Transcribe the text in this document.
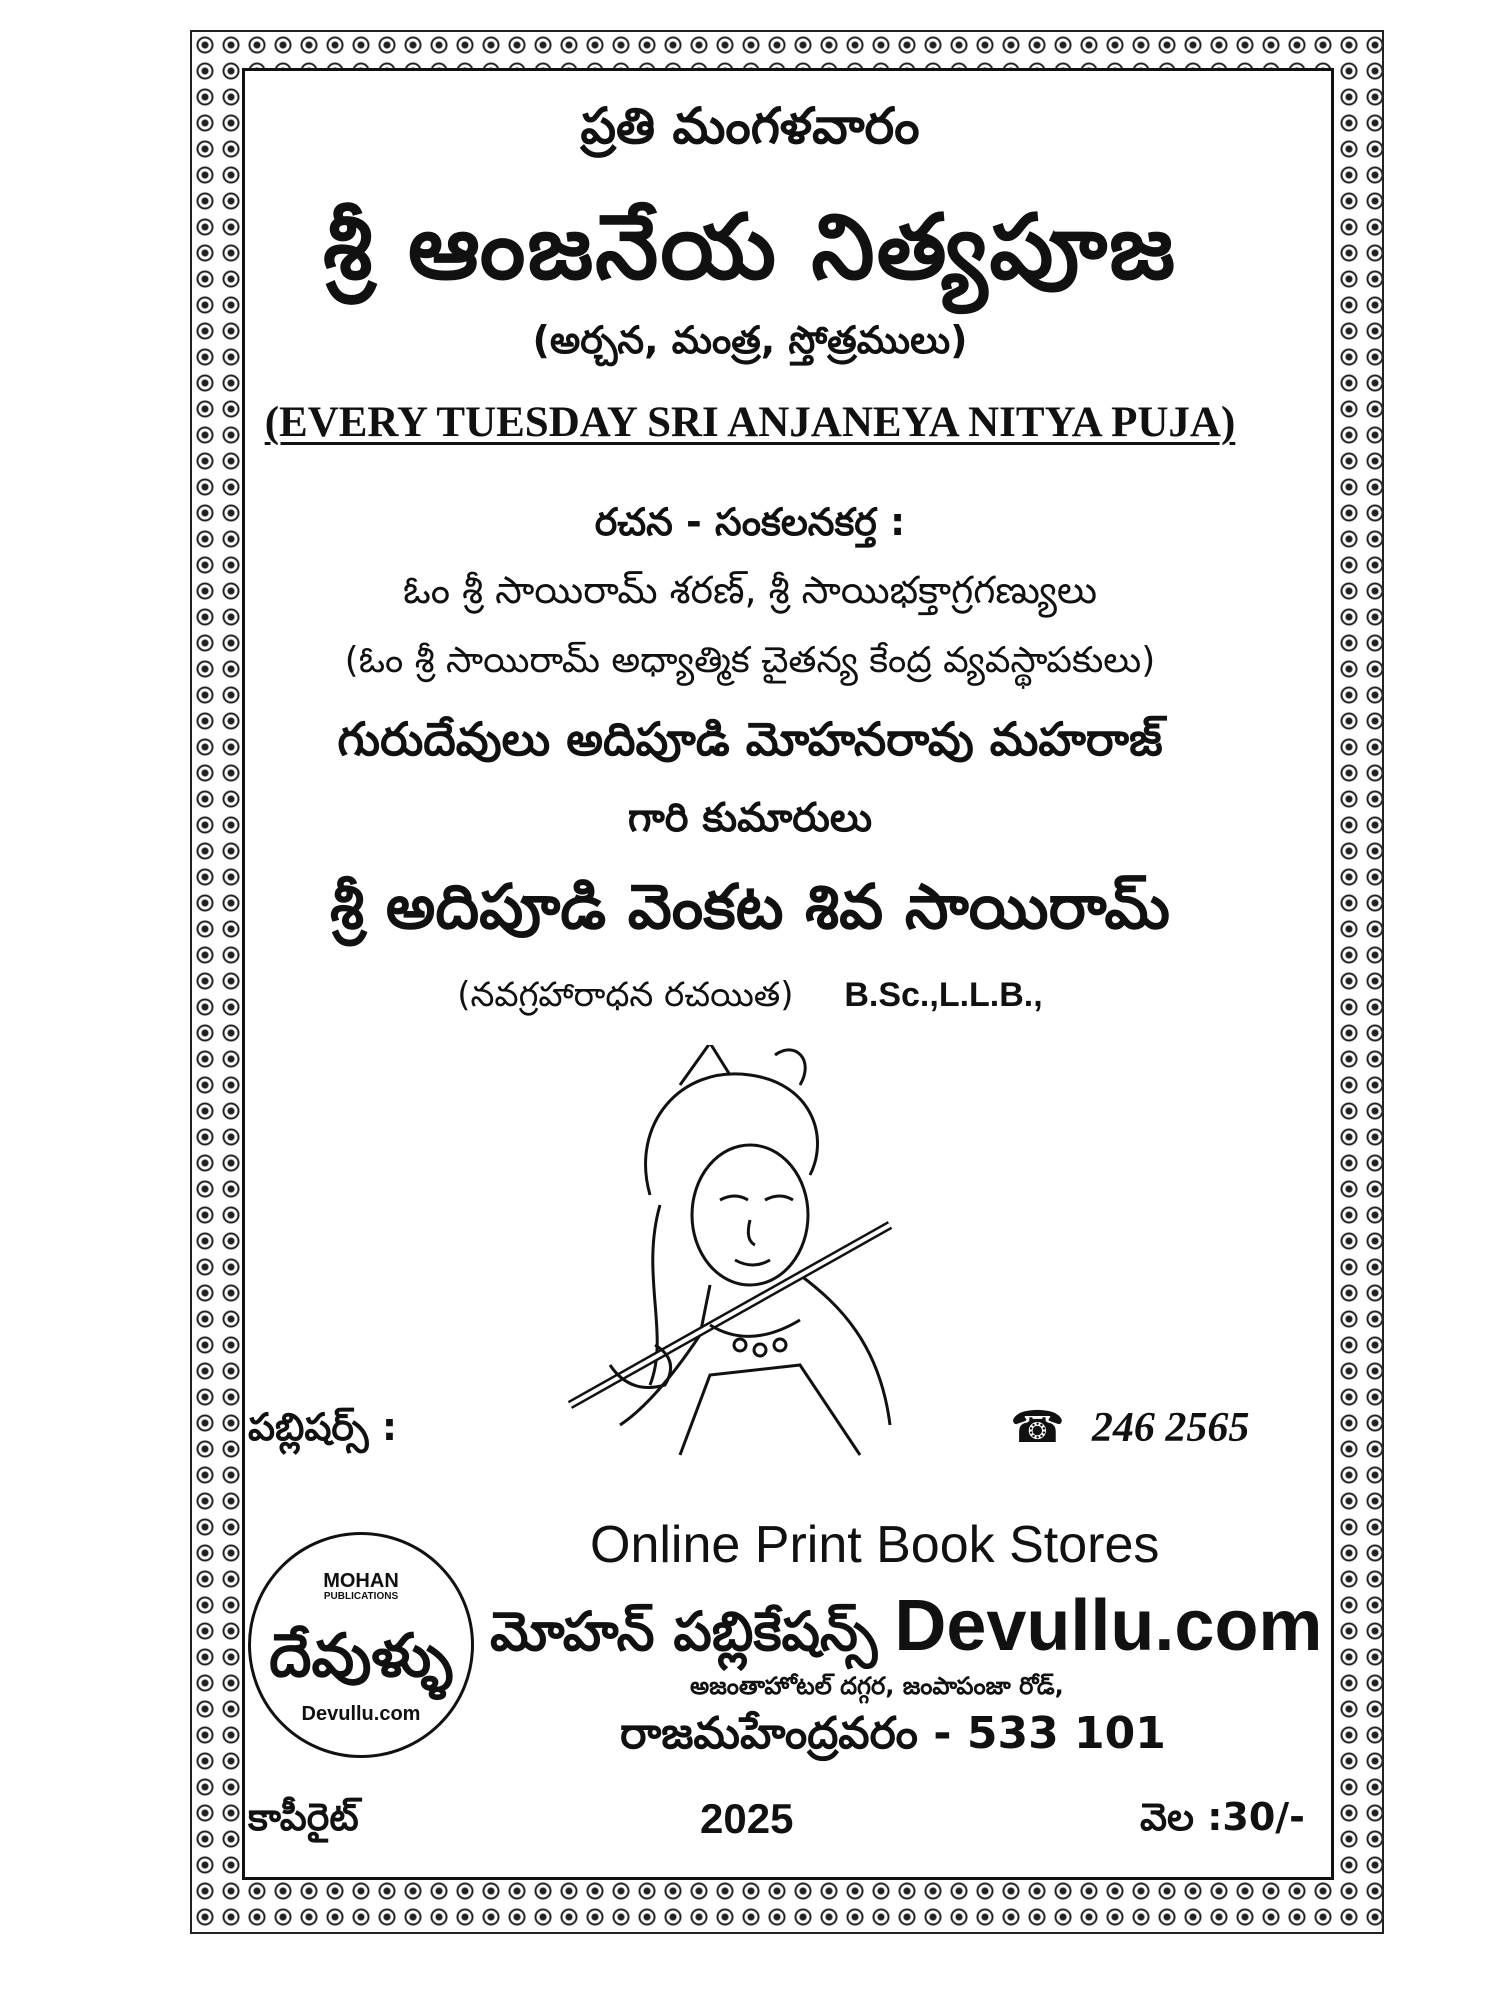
ప్రతి మంగళవారం
శ్రీ ఆంజనేయ నిత్యపూజ
(అర్చన, మంత్ర, స్తోత్రములు)
(EVERY TUESDAY SRI ANJANEYA NITYA PUJA)
రచన - సంకలనకర్త :
ఓం శ్రీ సాయిరామ్ శరణ్, శ్రీ సాయిభక్తాగ్రగణ్యులు
(ఓం శ్రీ సాయిరామ్ అధ్యాత్మిక చైతన్య కేంద్ర వ్యవస్థాపకులు)
గురుదేవులు అదిపూడి మోహనరావు మహరాజ్
గారి కుమారులు
శ్రీ అదిపూడి వెంకట శివ సాయిరామ్
(నవగ్రహారాధన రచయిత) B.Sc.,L.L.B.,
పబ్లిషర్స్ :	☎ 246 2565
MOHAN
PUBLICATIONS
దేవుళ్ళు
Devullu.com
Online Print Book Stores
మోహన్ పబ్లికేషన్స్ Devullu.com
అజంతాహోటల్ దగ్గర, జంపాపంజా రోడ్,
రాజమహేంద్రవరం - 533 101
కాపీరైట్	2025	వెల :30/-
